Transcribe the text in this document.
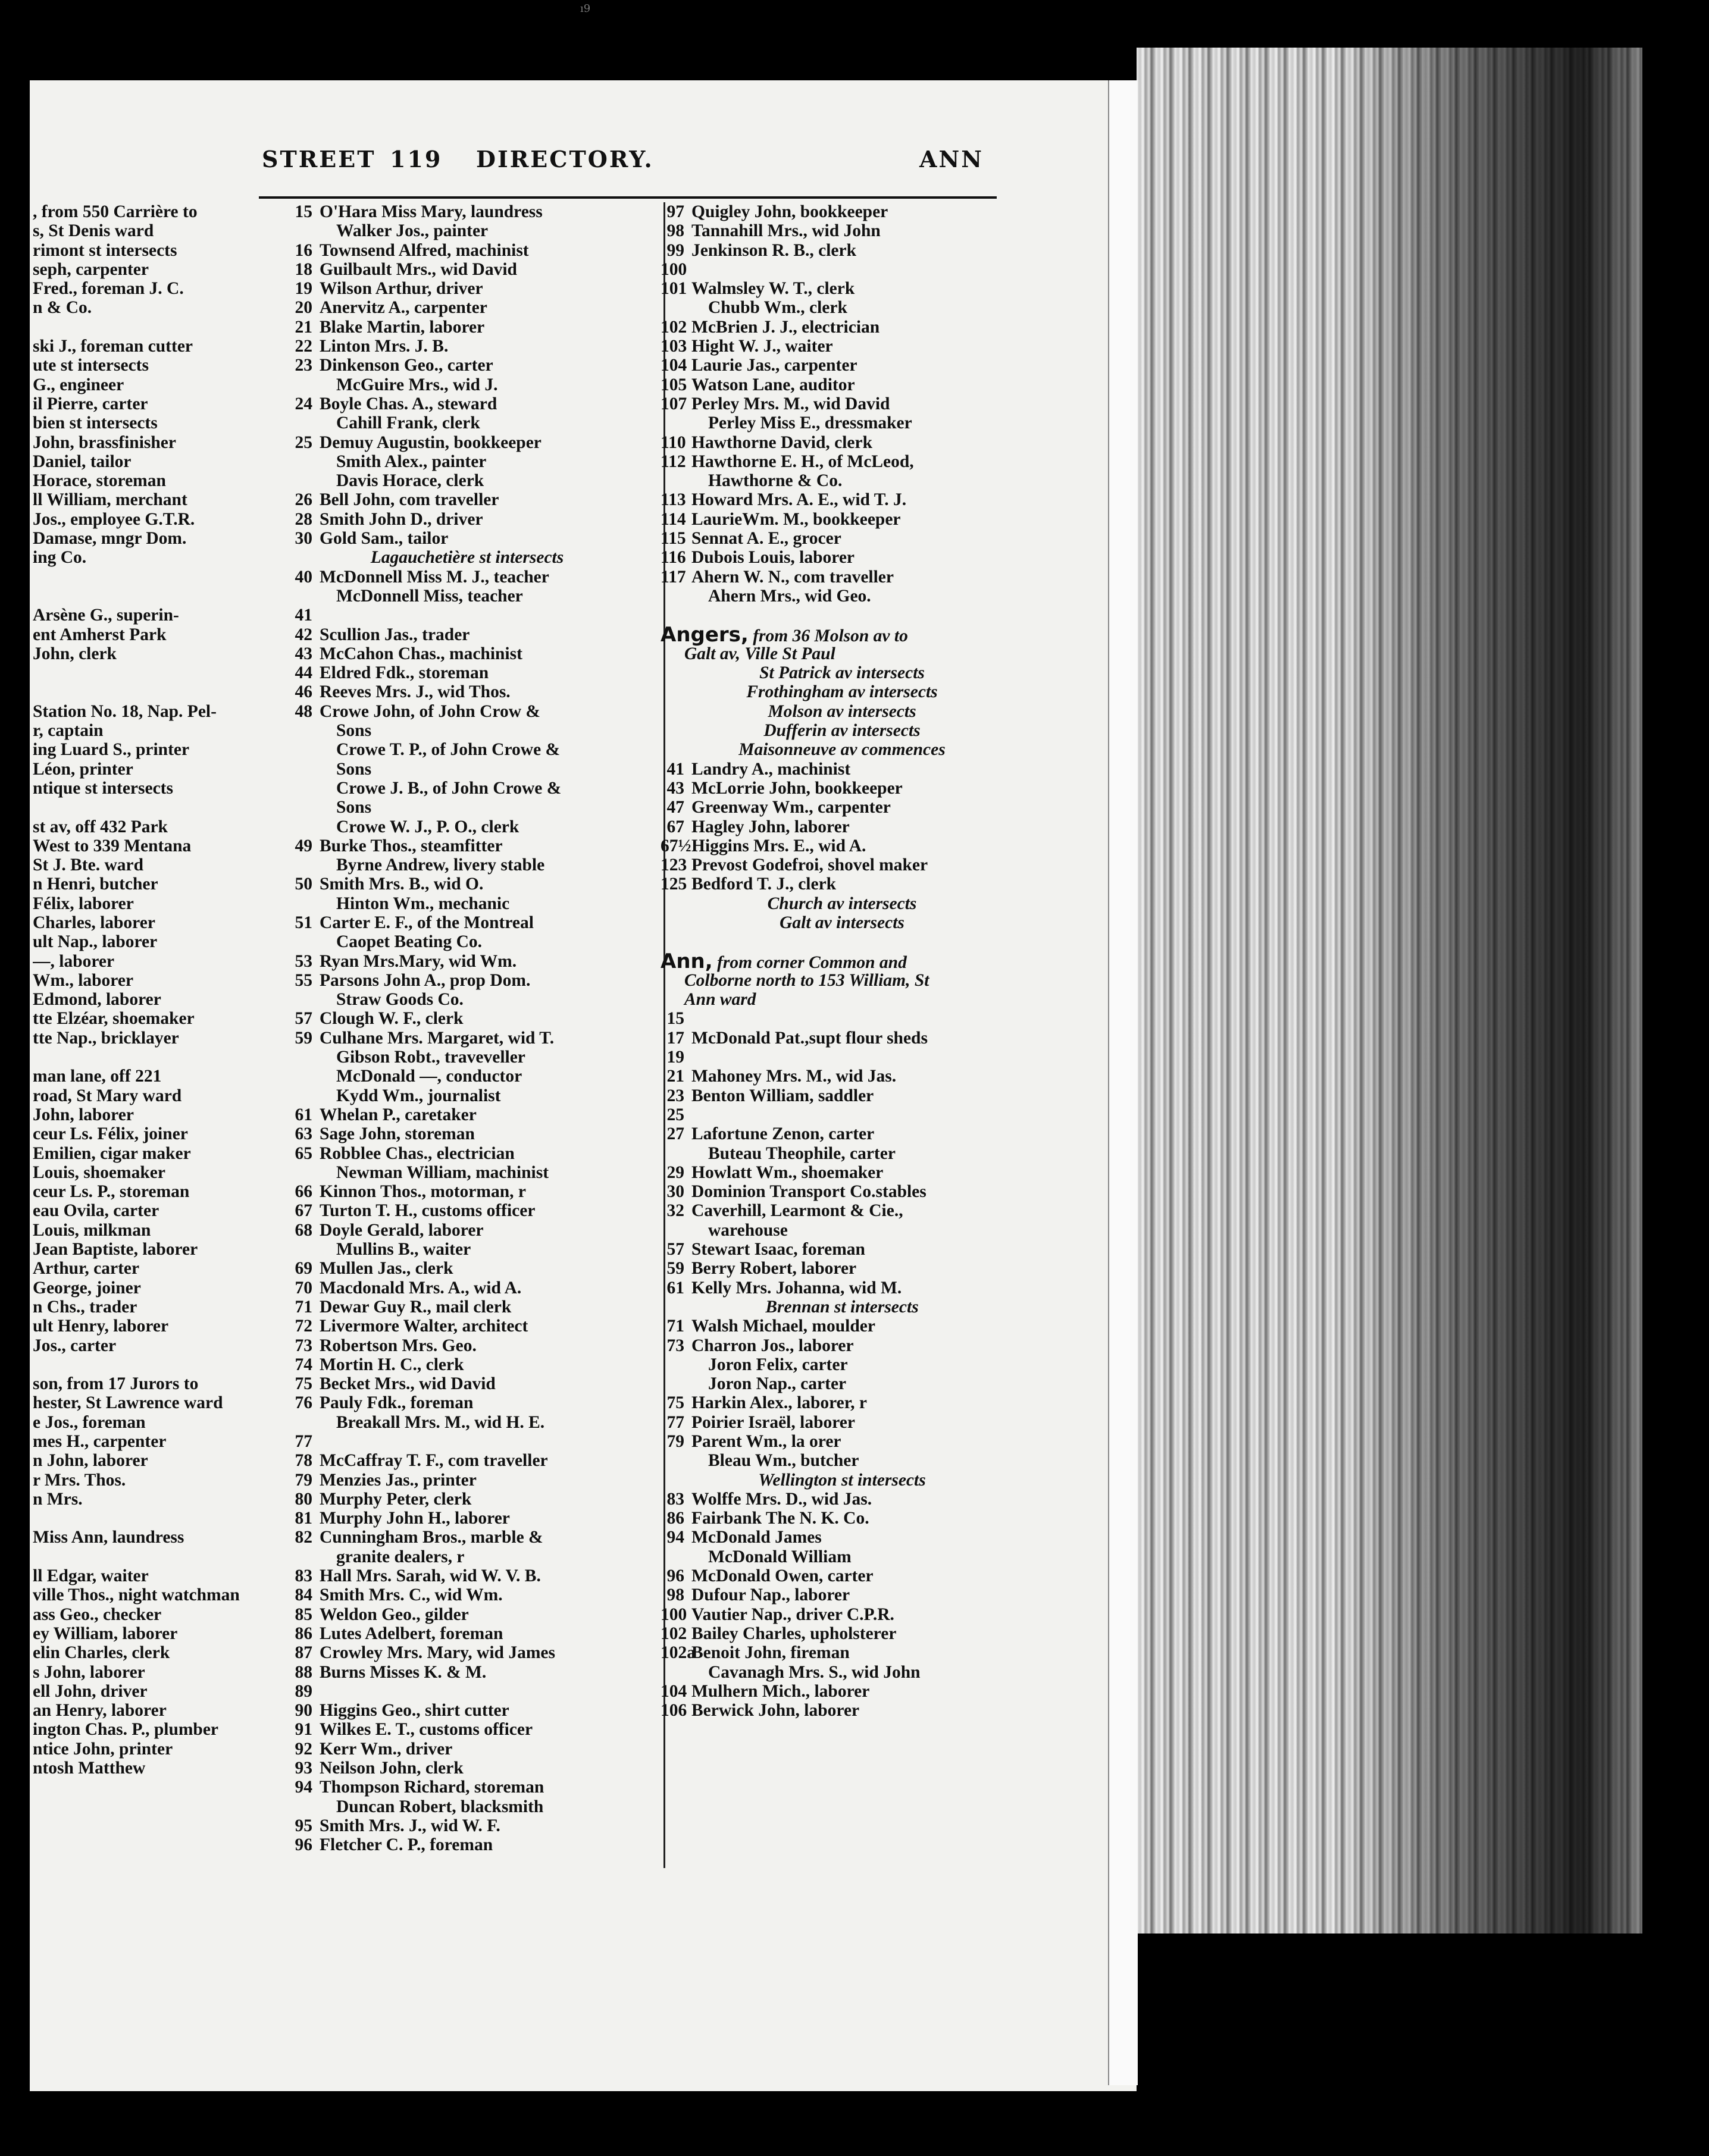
ı9
STREET 119 DIRECTORY.	ANN
, from 550 Carrière to
s, St Denis ward
rimont st intersects
seph, carpenter
Fred., foreman J. C.
n & Co.
ski J., foreman cutter
ute st intersects
G., engineer
il Pierre, carter
bien st intersects
John, brassfinisher
Daniel, tailor
Horace, storeman
ll William, merchant
Jos., employee G.T.R.
Damase, mngr Dom.
ing Co.
Arsène G., superin-
ent Amherst Park
John, clerk
Station No. 18, Nap. Pel-
r, captain
ing Luard S., printer
Léon, printer
ntique st intersects
st av, off 432 Park
West to 339 Mentana
St J. Bte. ward
n Henri, butcher
Félix, laborer
Charles, laborer
ult Nap., laborer
—, laborer
Wm., laborer
Edmond, laborer
tte Elzéar, shoemaker
tte Nap., bricklayer
man lane, off 221
road, St Mary ward
John, laborer
ceur Ls. Félix, joiner
Emilien, cigar maker
Louis, shoemaker
ceur Ls. P., storeman
eau Ovila, carter
Louis, milkman
Jean Baptiste, laborer
Arthur, carter
George, joiner
n Chs., trader
ult Henry, laborer
Jos., carter
son, from 17 Jurors to
hester, St Lawrence ward
e Jos., foreman
mes H., carpenter
n John, laborer
r Mrs. Thos.
n Mrs.
Miss Ann, laundress
ll Edgar, waiter
ville Thos., night watchman
ass Geo., checker
ey William, laborer
elin Charles, clerk
s John, laborer
ell John, driver
an Henry, laborer
ington Chas. P., plumber
ntice John, printer
ntosh Matthew
15 O'Hara Miss Mary, laundress
Walker Jos., painter
16 Townsend Alfred, machinist
18 Guilbault Mrs., wid David
19 Wilson Arthur, driver
20 Anervitz A., carpenter
21 Blake Martin, laborer
22 Linton Mrs. J. B.
23 Dinkenson Geo., carter
McGuire Mrs., wid J.
24 Boyle Chas. A., steward
Cahill Frank, clerk
25 Demuy Augustin, bookkeeper
Smith Alex., painter
Davis Horace, clerk
26 Bell John, com traveller
28 Smith John D., driver
30 Gold Sam., tailor
Lagauchetière st intersects
40 McDonnell Miss M. J., teacher
McDonnell Miss, teacher
41
42 Scullion Jas., trader
43 McCahon Chas., machinist
44 Eldred Fdk., storeman
46 Reeves Mrs. J., wid Thos.
48 Crowe John, of John Crow &
Sons
Crowe T. P., of John Crowe &
Sons
Crowe J. B., of John Crowe &
Sons
Crowe W. J., P. O., clerk
49 Burke Thos., steamfitter
Byrne Andrew, livery stable
50 Smith Mrs. B., wid O.
Hinton Wm., mechanic
51 Carter E. F., of the Montreal
Caopet Beating Co.
53 Ryan Mrs.Mary, wid Wm.
55 Parsons John A., prop Dom.
Straw Goods Co.
57 Clough W. F., clerk
59 Culhane Mrs. Margaret, wid T.
Gibson Robt., traveveller
McDonald —, conductor
Kydd Wm., journalist
61 Whelan P., caretaker
63 Sage John, storeman
65 Robblee Chas., electrician
Newman William, machinist
66 Kinnon Thos., motorman, r
67 Turton T. H., customs officer
68 Doyle Gerald, laborer
Mullins B., waiter
69 Mullen Jas., clerk
70 Macdonald Mrs. A., wid A.
71 Dewar Guy R., mail clerk
72 Livermore Walter, architect
73 Robertson Mrs. Geo.
74 Mortin H. C., clerk
75 Becket Mrs., wid David
76 Pauly Fdk., foreman
Breakall Mrs. M., wid H. E.
77
78 McCaffray T. F., com traveller
79 Menzies Jas., printer
80 Murphy Peter, clerk
81 Murphy John H., laborer
82 Cunningham Bros., marble &
granite dealers, r
83 Hall Mrs. Sarah, wid W. V. B.
84 Smith Mrs. C., wid Wm.
85 Weldon Geo., gilder
86 Lutes Adelbert, foreman
87 Crowley Mrs. Mary, wid James
88 Burns Misses K. & M.
89
90 Higgins Geo., shirt cutter
91 Wilkes E. T., customs officer
92 Kerr Wm., driver
93 Neilson John, clerk
94 Thompson Richard, storeman
Duncan Robert, blacksmith
95 Smith Mrs. J., wid W. F.
96 Fletcher C. P., foreman
97 Quigley John, bookkeeper
98 Tannahill Mrs., wid John
99 Jenkinson R. B., clerk
100
101 Walmsley W. T., clerk
Chubb Wm., clerk
102 McBrien J. J., electrician
103 Hight W. J., waiter
104 Laurie Jas., carpenter
105 Watson Lane, auditor
107 Perley Mrs. M., wid David
Perley Miss E., dressmaker
110 Hawthorne David, clerk
112 Hawthorne E. H., of McLeod,
Hawthorne & Co.
113 Howard Mrs. A. E., wid T. J.
114 LaurieWm. M., bookkeeper
115 Sennat A. E., grocer
116 Dubois Louis, laborer
117 Ahern W. N., com traveller
Ahern Mrs., wid Geo.
Angers, from 36 Molson av to
Galt av, Ville St Paul
St Patrick av intersects
Frothingham av intersects
Molson av intersects
Dufferin av intersects
Maisonneuve av commences
41 Landry A., machinist
43 McLorrie John, bookkeeper
47 Greenway Wm., carpenter
67 Hagley John, laborer
67½Higgins Mrs. E., wid A.
123 Prevost Godefroi, shovel maker
125 Bedford T. J., clerk
Church av intersects
Galt av intersects
Ann, from corner Common and
Colborne north to 153 William, St
Ann ward
15
17 McDonald Pat.,supt flour sheds
19
21 Mahoney Mrs. M., wid Jas.
23 Benton William, saddler
25
27 Lafortune Zenon, carter
Buteau Theophile, carter
29 Howlatt Wm., shoemaker
30 Dominion Transport Co.stables
32 Caverhill, Learmont & Cie.,
warehouse
57 Stewart Isaac, foreman
59 Berry Robert, laborer
61 Kelly Mrs. Johanna, wid M.
Brennan st intersects
71 Walsh Michael, moulder
73 Charron Jos., laborer
Joron Felix, carter
Joron Nap., carter
75 Harkin Alex., laborer, r
77 Poirier Israël, laborer
79 Parent Wm., la orer
Bleau Wm., butcher
Wellington st intersects
83 Wolffe Mrs. D., wid Jas.
86 Fairbank The N. K. Co.
94 McDonald James
McDonald William
96 McDonald Owen, carter
98 Dufour Nap., laborer
100 Vautier Nap., driver C.P.R.
102 Bailey Charles, upholsterer
102aBenoit John, fireman
Cavanagh Mrs. S., wid John
104 Mulhern Mich., laborer
106 Berwick John, laborer
